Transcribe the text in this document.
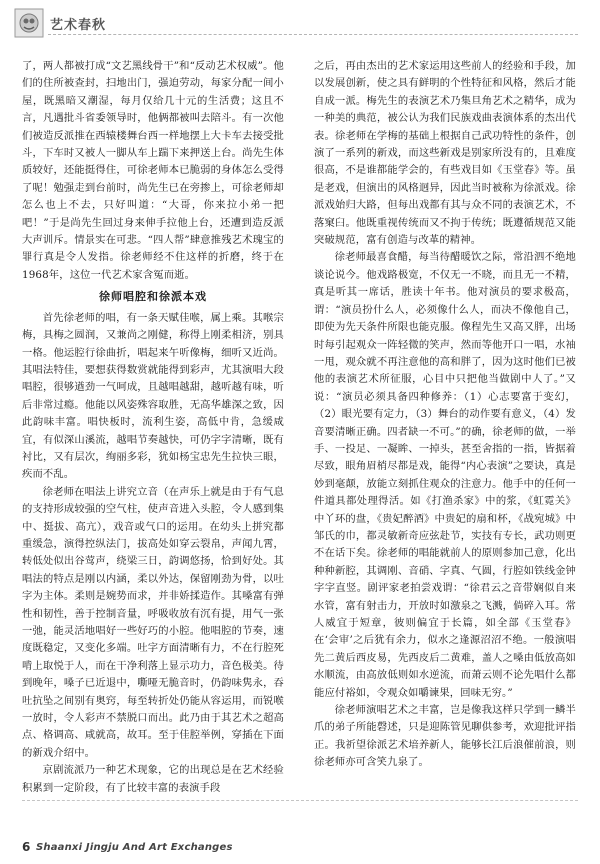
艺术春秋

了，两人都被打成“文艺黑线骨干”和“反动艺术权威”。他们的住所被查封，扫地出门，强迫劳动，每家分配一间小屋，既黑暗又潮湿，每月仅给几十元的生活费；这且不言，凡遇批斗省委领导时，他俩都被叫去陪斗。有一次他们被造反派推在西辕楼舞台西一样地摆上大卡车去接受批斗，下车时又被人一脚从车上踹下来押送上台。尚先生体质较好，还能挺得住，可徐老师本已脆弱的身体怎么受得了呢！勉强走到台前时，尚先生已在旁掺上，可徐老师却怎么也上不去，只好叫道：“大哥，你来拉小弟一把吧！”于是尚先生回过身来伸手拉他上台，还遭到造反派大声训斥。情景实在可悲。“四人帮”肆意推残艺术瑰宝的罪行真是令人发指。徐老师经不住这样的折磨，终于在1968年，这位一代艺术家含冤而逝。

徐师唱腔和徐派本戏

首先徐老师的唱，有一条天赋佳喉，属上乘。其喉宗梅，具梅之圆润，又兼尚之刚健，称得上刚柔相济，别具一格。他运腔行徐曲折，唱起来午听像梅，细听又近尚。其唱法特佳，要想获得数赏就能得到彩声，尤其演唱大段唱腔，很够遒劲一气呵成，且越唱越甜，越听越有味，听后非常过瘾。他能以风姿殊容取胜，无高华雄深之致，因此韵味丰富。唱快板时，流利生姿，高低中肯，急缓咸宜，有似深山溪流，越唱节奏越快，可仍字字清晰，既有衬比，又有层次，绚丽多彩，犹如杨宝忠先生拉快三眼，疾而不乱。

徐老师在唱法上讲究立音（在声乐上就是由于有气息的支持形成较强的空气柱，使声音进入头腔，令人感到集中、挺拔、高亢），戏音或气口的运用。在幼头上拼究都重缓急，演得控纵法门，拔高处如穿云裂帛，声闻九霄，转低处似出谷莺声，绕梁三日，韵调悠扬，恰到好处。其唱法的特点是刚以内涵，柔以外达，保留刚劲为骨，以吐字为主体。柔则是婉势而求，并非娇揉造作。其嗓富有弹性和韧性，善于控制音量，呼吸收放有沉有提，用气一张一弛，能灵活地唱好一些好巧的小腔。他唱腔的节奏，速度既稳定，又变化多端。吐字方面清晰有力，不在行腔死啃上取悦于人，而在干净利落上显示功力，音色极美。待到晚年，嗓子已近退中，嘶哑无脆音时，仍韵味隽永，吞吐抗坠之间别有奥窍，每至转折处仍能从容运用，而锐喉一放时，令人彩声不禁脱口而出。此乃由于其艺术之超高点、格调高、咸就高，故耳。至于佳腔举例，穿插在下面的新戏介绍中。

京剧流派乃一种艺术现象，它的出现总是在艺术经验积累到一定阶段，有了比较丰富的表演手段

之后，再由杰出的艺术家运用这些前人的经验和手段，加以发展创新，使之具有鲜明的个性特征和风格，然后才能自成一派。梅先生的表演艺术乃集旦角艺术之精华，成为一种美的典范，被公认为我们民族戏曲表演体系的杰出代表。徐老师在学梅的基础上根据自己武功特性的条件，创演了一系列的新戏，而这些新戏是别家所没有的，且难度很高，不是谁都能学会的，有些戏目如《玉堂春》等。虽是老戏，但演出的风格迥异，因此当时被称为徐派戏。徐派戏始归大路，但每出戏都有其与众不同的表演艺术，不落窠臼。他既重视传统而又不拘于传统；既遵循规范又能突破规范，富有创造与改革的精神。

徐老师最喜食醋，每当待醋暖饮之际，常沿泗不绝地谈论说今。他戏路极宽，不仅无一不晓，而且无一不精，真是听其一席话，胜读十年书。他对演员的要求极高，谓：“演员扮什么人，必须像什么人，而决不像他自己，即使为先天条件所限也能克服。像程先生又高又胖，出场时每引起观众一阵轻微的笑声，然而等他开口一唱，水袖一甩，观众就不再注意他的高和胖了，因为这时他们已被他的表演艺术所征服，心目中只把他当做剧中人了。”又说：“演员必须具备四种修养：（1）心志要富于变幻，（2）眼光要有定力，（3）舞台的动作要有意义，（4）发音要清晰正确。四者缺一不可。”的确，徐老师的做，一举手、一投足、一凝眸、一掉头，甚至舍指的一指，皆据着尽致，眼角眉梢尽都是戏，能得“内心表演”之要诀，真是妙到毫颠，放能立刻抓住观众的注意力。他手中的任何一件道具都处理得活。如《打渔杀家》中的浆，《虹霓关》中丫环的盘，《贵妃醉酒》中贵妃的扇和杯，《战宛城》中邹氏的巾，都灵敏新奇应弦赴节，实技有专长，武功则更不在话下矣。徐老师的唱能就前人的原则参加己意，化出种种新腔，其调刚、音硝、字真、气圆，行腔如铁线金钟字字直竖。剧评家老拍尝戏谓：“徐君云之音带娴似自来水管，富有射击力，开放时如激泉之飞溅，倘碎入耳。常人威宜于短章，彼则偏宜于长篇，如全部《玉堂春》在‘会审’之后犹有余力，似水之逢源沼沼不绝。一般演唱先二黄后西皮易，先西皮后二黄难，盖人之嗓由低放高如水顺流，由高放低则如水逆流，而萧云则不论先唱什么都能应付裕如，令观众如嚼谏果，回味无穷。”

徐老师演唱艺术之丰富，岂是像我这样只学到一鳞半爪的弟子所能磬述，只是迎陈管见聊供参考，欢迎批评指正。我祈望徐派艺术培养新人，能够长江后浪催前浪，则徐老师亦可含笑九泉了。

6 Shaanxi Jingju And Art Exchanges
